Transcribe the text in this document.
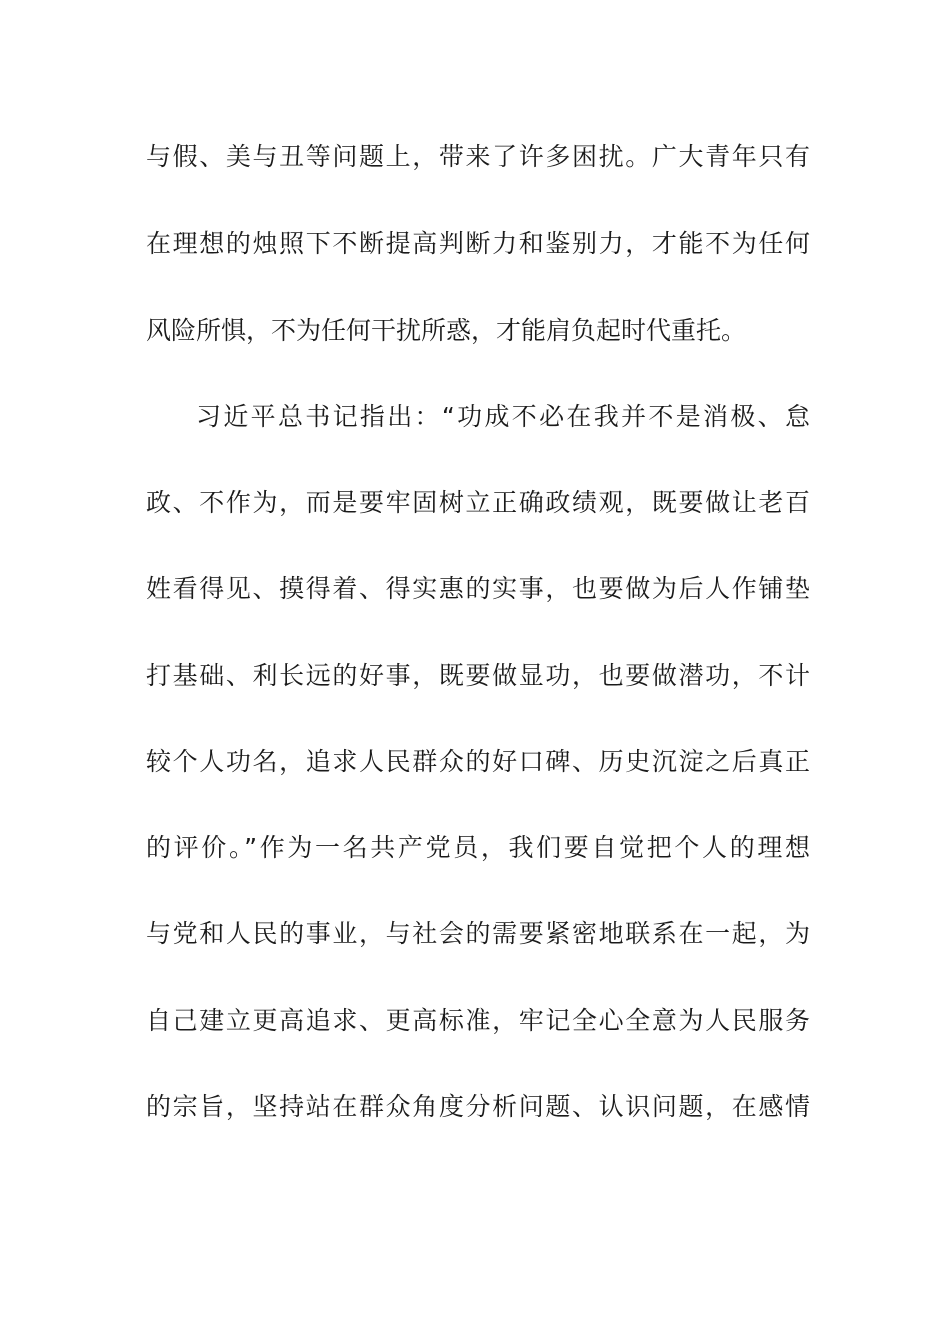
与假、美与丑等问题上，带来了许多困扰。广大青年只有
在理想的烛照下不断提高判断力和鉴别力，才能不为任何
风险所惧，不为任何干扰所惑，才能肩负起时代重托。
习近平总书记指出：“功成不必在我并不是消极、怠
政、不作为，而是要牢固树立正确政绩观，既要做让老百
姓看得见、摸得着、得实惠的实事，也要做为后人作铺垫
打基础、利长远的好事，既要做显功，也要做潜功，不计
较个人功名，追求人民群众的好口碑、历史沉淀之后真正
的评价。”作为一名共产党员，我们要自觉把个人的理想
与党和人民的事业，与社会的需要紧密地联系在一起，为
自己建立更高追求、更高标准，牢记全心全意为人民服务
的宗旨，坚持站在群众角度分析问题、认识问题，在感情
